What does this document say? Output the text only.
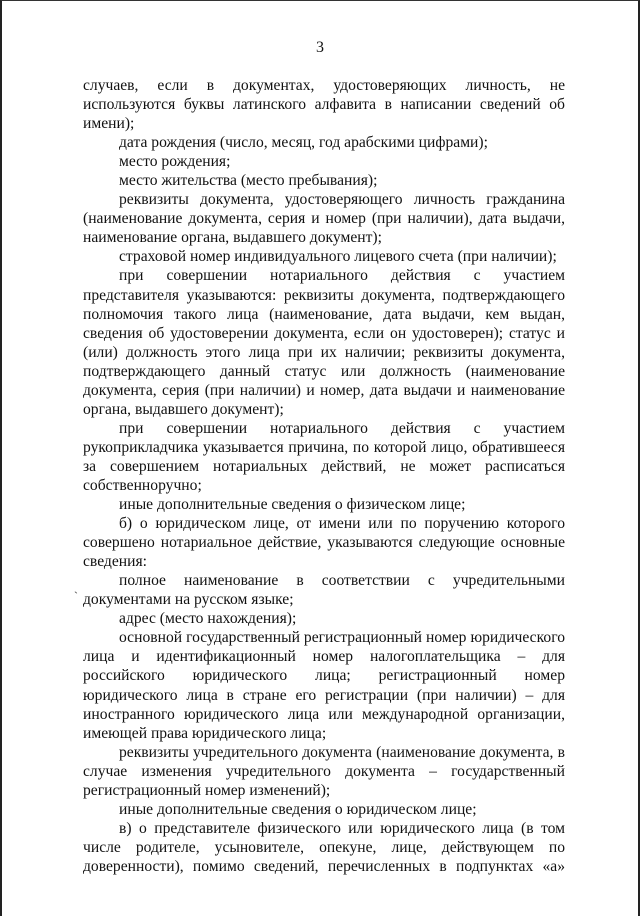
3
`

случаев, если в документах, удостоверяющих личность, не используются буквы латинского алфавита в написании сведений об имени);

дата рождения (число, месяц, год арабскими цифрами);

место рождения;

место жительства (место пребывания);

реквизиты документа, удостоверяющего личность гражданина (наименование документа, серия и номер (при наличии), дата выдачи, наименование органа, выдавшего документ);

страховой номер индивидуального лицевого счета (при наличии);

при совершении нотариального действия с участием представителя указываются: реквизиты документа, подтверждающего полномочия такого лица (наименование, дата выдачи, кем выдан, сведения об удостоверении документа, если он удостоверен); статус и (или) должность этого лица при их наличии; реквизиты документа, подтверждающего данный статус или должность (наименование документа, серия (при наличии) и номер, дата выдачи и наименование органа, выдавшего документ);

при совершении нотариального действия с участием рукоприкладчика указывается причина, по которой лицо, обратившееся за совершением нотариальных действий, не может расписаться собственноручно;

иные дополнительные сведения о физическом лице;

б) о юридическом лице, от имени или по поручению которого совершено нотариальное действие, указываются следующие основные сведения:

полное наименование в соответствии с учредительными документами на русском языке;

адрес (место нахождения);

основной государственный регистрационный номер юридического лица и идентификационный номер налогоплательщика – для российского юридического лица; регистрационный номер юридического лица в стране его регистрации (при наличии) – для иностранного юридического лица или международной организации, имеющей права юридического лица;

реквизиты учредительного документа (наименование документа, в случае изменения учредительного документа – государственный регистрационный номер изменений);

иные дополнительные сведения о юридическом лице;

в) о представителе физического или юридического лица (в том числе родителе, усыновителе, опекуне, лице, действующем по доверенности), помимо сведений, перечисленных в подпунктах «а»
